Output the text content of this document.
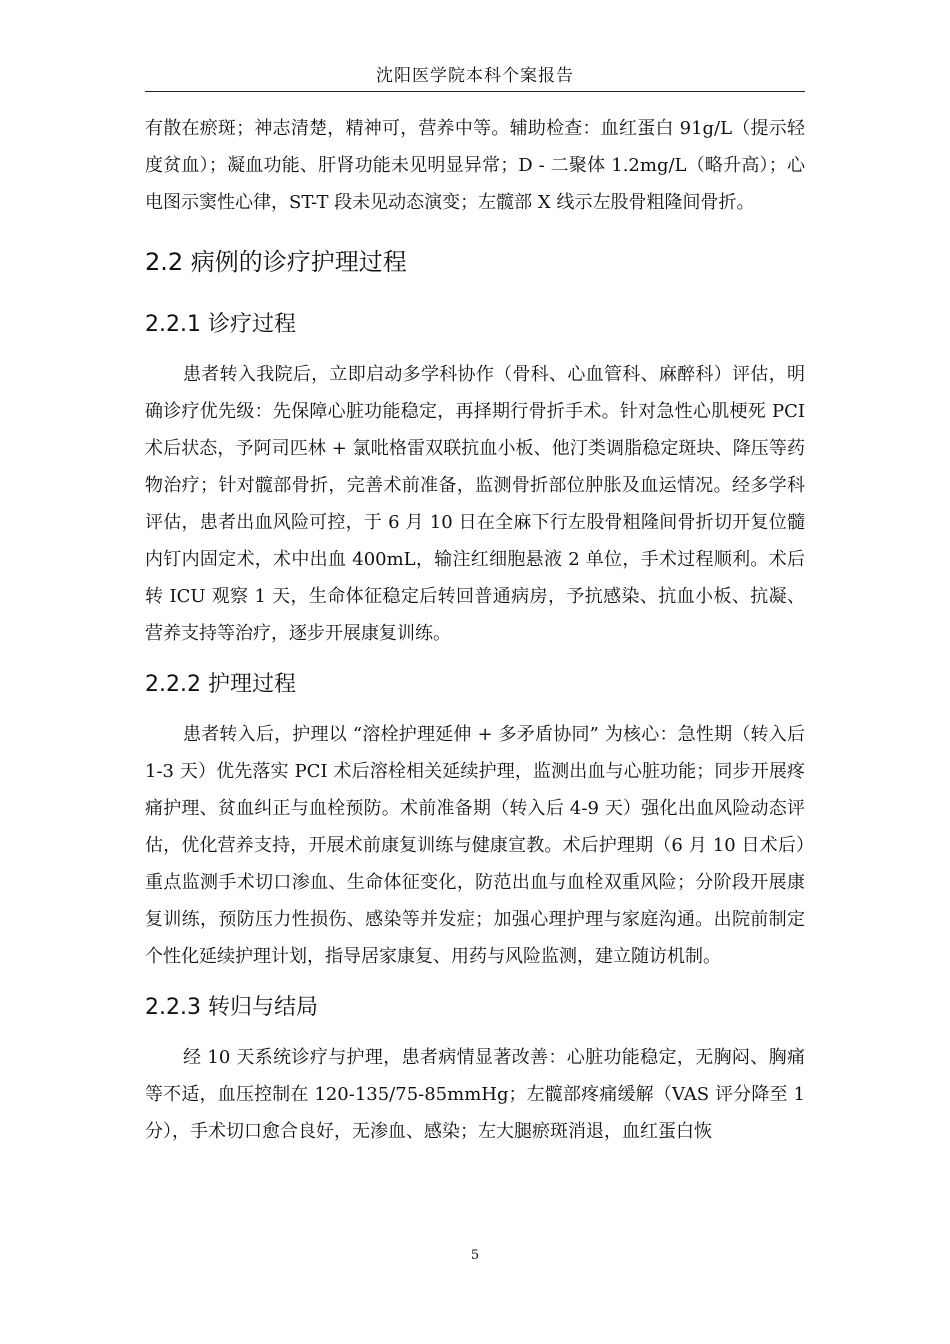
沈阳医学院本科个案报告

有散在瘀斑；神志清楚，精神可，营养中等。辅助检查：血红蛋白 91g/L（提示轻度贫血）；凝血功能、肝肾功能未见明显异常；D - 二聚体 1.2mg/L（略升高）；心电图示窦性心律，ST-T 段未见动态演变；左髋部 X 线示左股骨粗隆间骨折。

2.2 病例的诊疗护理过程
2.2.1 诊疗过程

患者转入我院后，立即启动多学科协作（骨科、心血管科、麻醉科）评估，明确诊疗优先级：先保障心脏功能稳定，再择期行骨折手术。针对急性心肌梗死 PCI 术后状态，予阿司匹林 + 氯吡格雷双联抗血小板、他汀类调脂稳定斑块、降压等药物治疗；针对髋部骨折，完善术前准备，监测骨折部位肿胀及血运情况。经多学科评估，患者出血风险可控，于 6 月 10 日在全麻下行左股骨粗隆间骨折切开复位髓内钉内固定术，术中出血 400mL，输注红细胞悬液 2 单位，手术过程顺利。术后转 ICU 观察 1 天，生命体征稳定后转回普通病房，予抗感染、抗血小板、抗凝、营养支持等治疗，逐步开展康复训练。

2.2.2 护理过程

患者转入后，护理以 “溶栓护理延伸 + 多矛盾协同” 为核心：急性期（转入后 1-3 天）优先落实 PCI 术后溶栓相关延续护理，监测出血与心脏功能；同步开展疼痛护理、贫血纠正与血栓预防。术前准备期（转入后 4-9 天）强化出血风险动态评估，优化营养支持，开展术前康复训练与健康宣教。术后护理期（6 月 10 日术后）重点监测手术切口渗血、生命体征变化，防范出血与血栓双重风险；分阶段开展康复训练，预防压力性损伤、感染等并发症；加强心理护理与家庭沟通。出院前制定个性化延续护理计划，指导居家康复、用药与风险监测，建立随访机制。

2.2.3 转归与结局

经 10 天系统诊疗与护理，患者病情显著改善：心脏功能稳定，无胸闷、胸痛等不适，血压控制在 120-135/75-85mmHg；左髋部疼痛缓解（VAS 评分降至 1 分），手术切口愈合良好，无渗血、感染；左大腿瘀斑消退，血红蛋白恢

5
